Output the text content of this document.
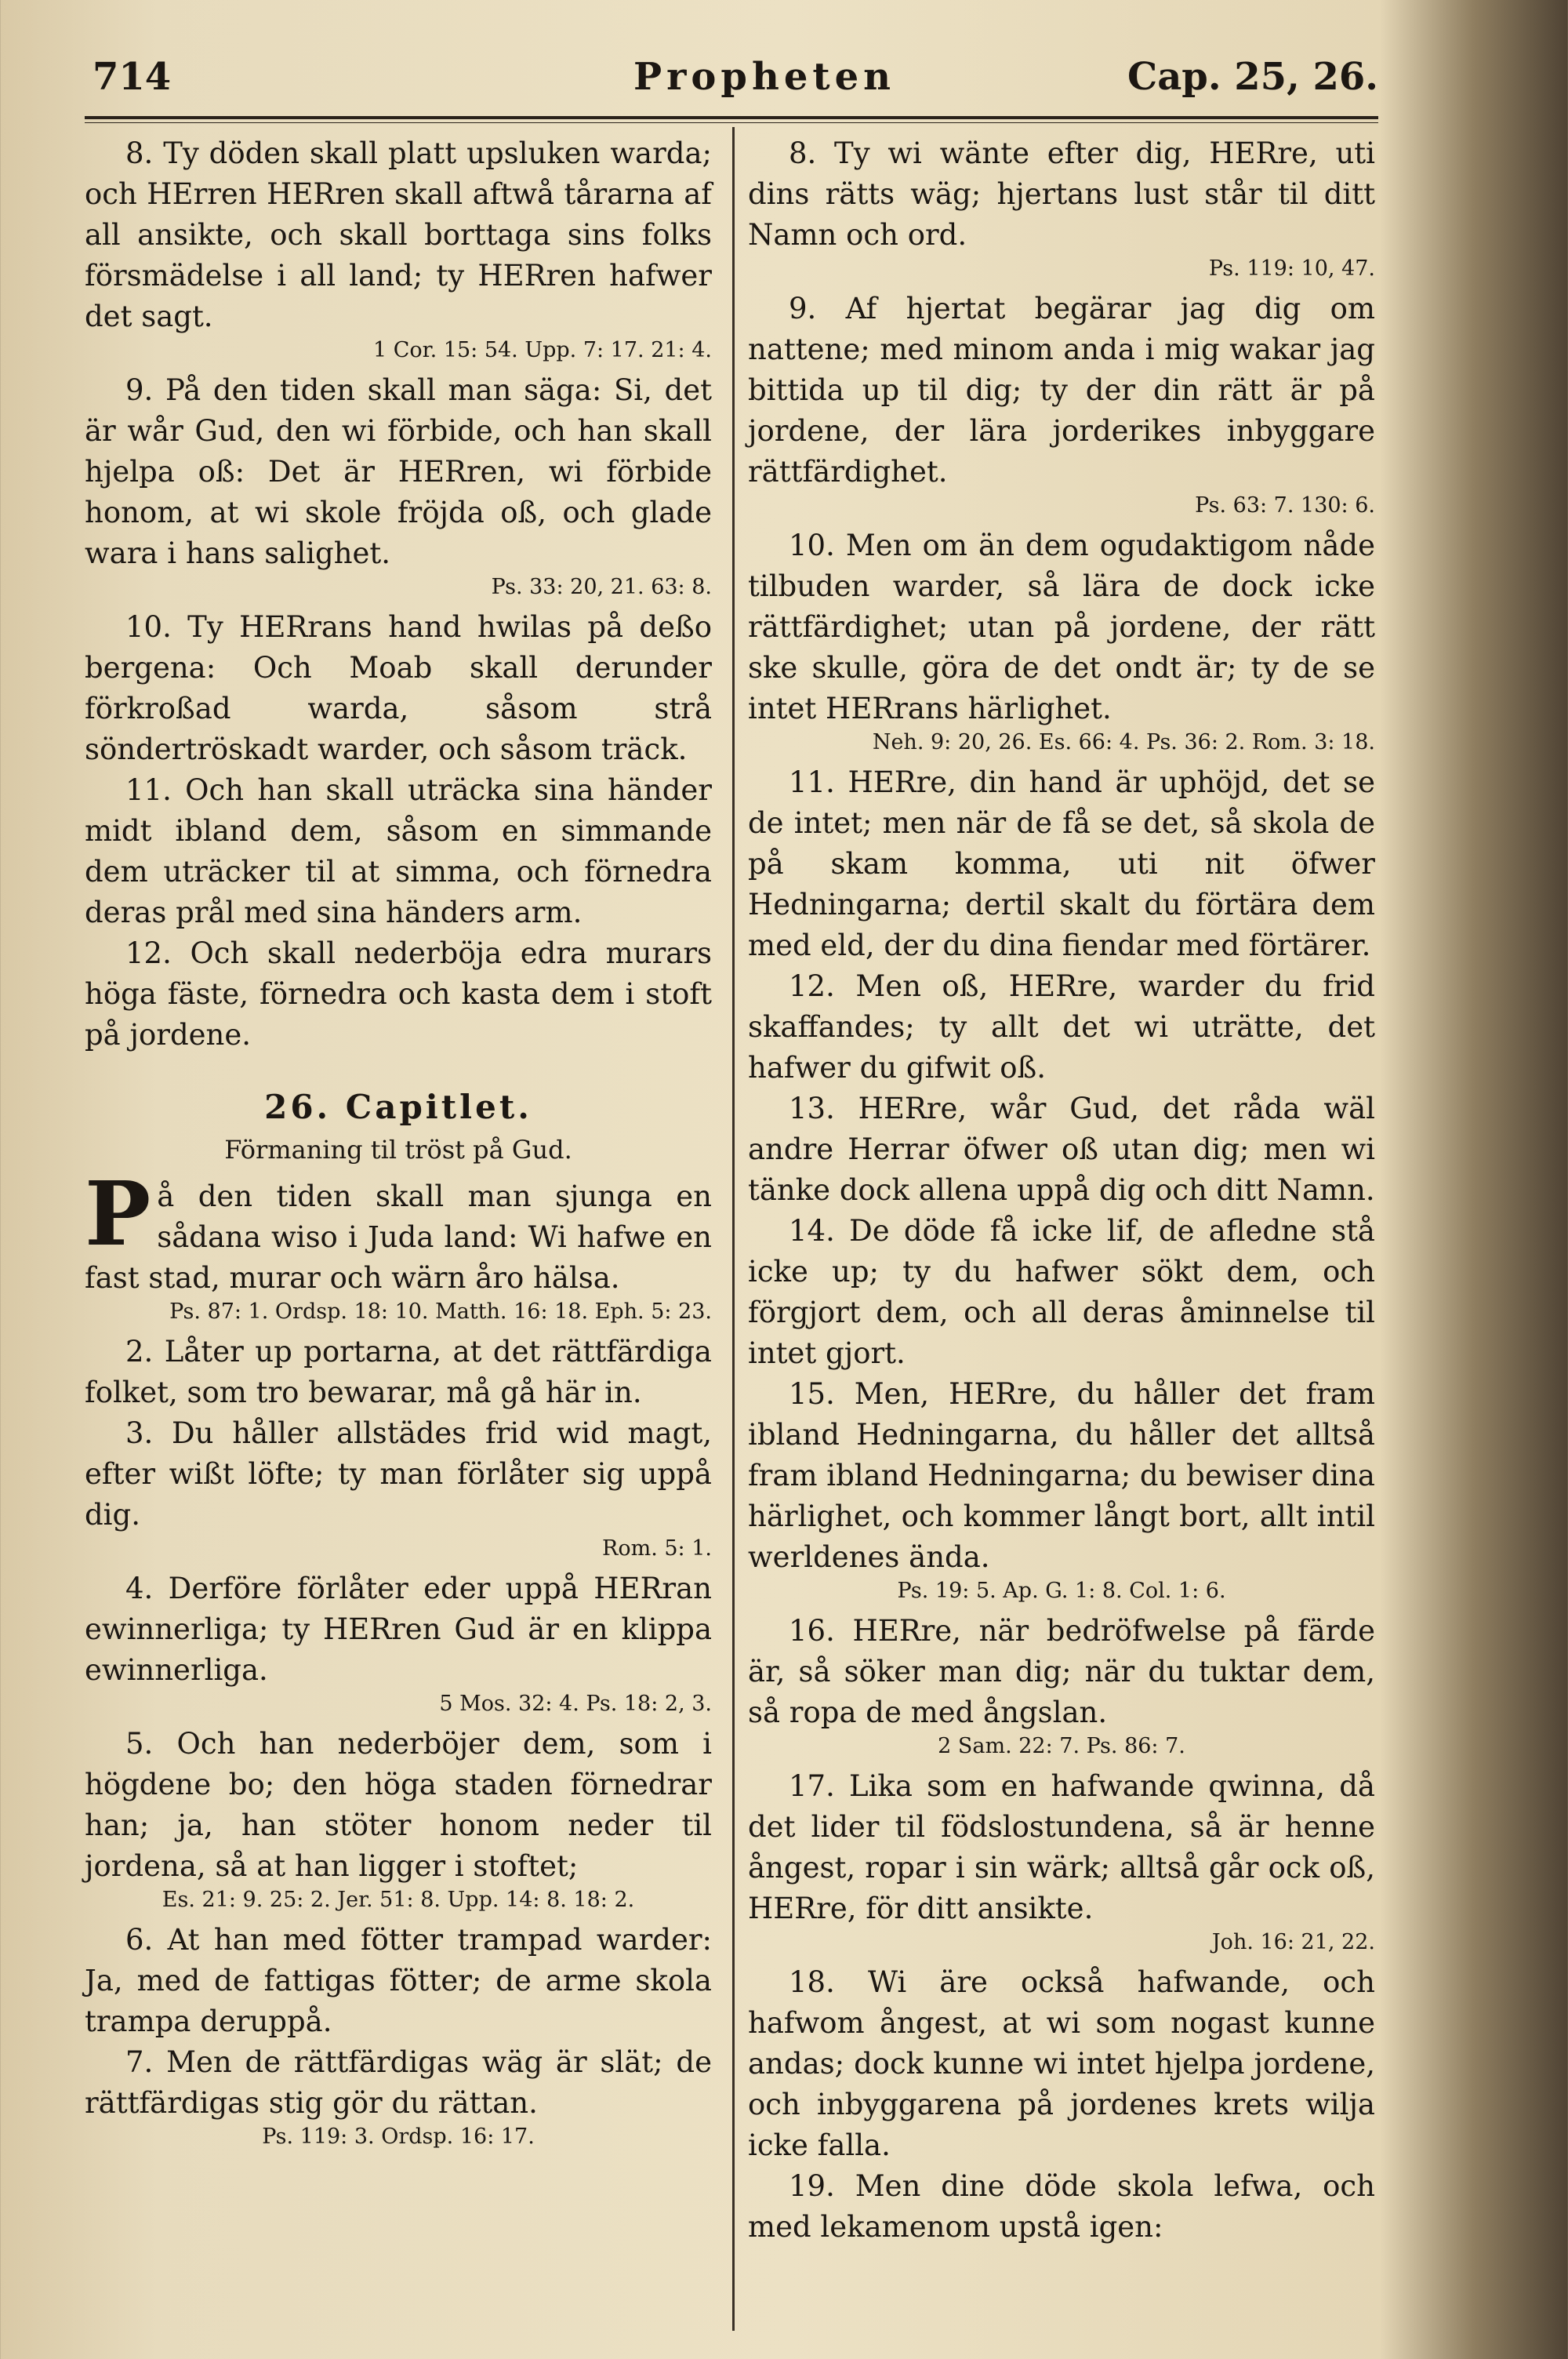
714	Propheten	Cap. 25, 26.

8. Ty döden skall platt upsluken warda; och HErren HERren skall aftwå tårarna af all ansikte, och skall borttaga sins folks försmädelse i all land; ty HERren hafwer det sagt.

1 Cor. 15: 54. Upp. 7: 17. 21: 4.

9. På den tiden skall man säga: Si, det är wår Gud, den wi förbide, och han skall hjelpa oß: Det är HERren, wi förbide honom, at wi skole fröjda oß, och glade wara i hans salighet.

Ps. 33: 20, 21. 63: 8.

10. Ty HERrans hand hwilas på deßo bergena: Och Moab skall derunder förkroßad warda, såsom strå söndertröskadt warder, och såsom träck.

11. Och han skall uträcka sina händer midt ibland dem, såsom en simmande dem uträcker til at simma, och förnedra deras prål med sina händers arm.

12. Och skall nederböja edra murars höga fäste, förnedra och kasta dem i stoft på jordene.

26. Capitlet.
Förmaning til tröst på Gud.

På den tiden skall man sjunga en sådana wiso i Juda land: Wi hafwe en fast stad, murar och wärn åro hälsa.

Ps. 87: 1. Ordsp. 18: 10. Matth. 16: 18. Eph. 5: 23.

2. Låter up portarna, at det rättfärdiga folket, som tro bewarar, må gå här in.

3. Du håller allstädes frid wid magt, efter wißt löfte; ty man förlåter sig uppå dig.

Rom. 5: 1.

4. Derföre förlåter eder uppå HERran ewinnerliga; ty HERren Gud är en klippa ewinnerliga.

5 Mos. 32: 4. Ps. 18: 2, 3.

5. Och han nederböjer dem, som i högdene bo; den höga staden förnedrar han; ja, han stöter honom neder til jordena, så at han ligger i stoftet;

Es. 21: 9. 25: 2. Jer. 51: 8. Upp. 14: 8. 18: 2.

6. At han med fötter trampad warder: Ja, med de fattigas fötter; de arme skola trampa deruppå.

7. Men de rättfärdigas wäg är slät; de rättfärdigas stig gör du rättan.

Ps. 119: 3. Ordsp. 16: 17.

8. Ty wi wänte efter dig, HERre, uti dins rätts wäg; hjertans lust står til ditt Namn och ord.

Ps. 119: 10, 47.

9. Af hjertat begärar jag dig om nattene; med minom anda i mig wakar jag bittida up til dig; ty der din rätt är på jordene, der lära jorderikes inbyggare rättfärdighet.

Ps. 63: 7. 130: 6.

10. Men om än dem ogudaktigom nåde tilbuden warder, så lära de dock icke rättfärdighet; utan på jordene, der rätt ske skulle, göra de det ondt är; ty de se intet HERrans härlighet.

Neh. 9: 20, 26. Es. 66: 4. Ps. 36: 2. Rom. 3: 18.

11. HERre, din hand är uphöjd, det se de intet; men när de få se det, så skola de på skam komma, uti nit öfwer Hedningarna; dertil skalt du förtära dem med eld, der du dina fiendar med förtärer.

12. Men oß, HERre, warder du frid skaffandes; ty allt det wi uträtte, det hafwer du gifwit oß.

13. HERre, wår Gud, det råda wäl andre Herrar öfwer oß utan dig; men wi tänke dock allena uppå dig och ditt Namn.

14. De döde få icke lif, de afledne stå icke up; ty du hafwer sökt dem, och förgjort dem, och all deras åminnelse til intet gjort.

15. Men, HERre, du håller det fram ibland Hedningarna, du håller det alltså fram ibland Hedningarna; du bewiser dina härlighet, och kommer långt bort, allt intil werldenes ända.

Ps. 19: 5. Ap. G. 1: 8. Col. 1: 6.

16. HERre, när bedröfwelse på färde är, så söker man dig; när du tuktar dem, så ropa de med ångslan.

2 Sam. 22: 7. Ps. 86: 7.

17. Lika som en hafwande qwinna, då det lider til födslostundena, så är henne ångest, ropar i sin wärk; alltså går ock oß, HERre, för ditt ansikte.

Joh. 16: 21, 22.

18. Wi äre också hafwande, och hafwom ångest, at wi som nogast kunne andas; dock kunne wi intet hjelpa jordene, och inbyggarena på jordenes krets wilja icke falla.

19. Men dine döde skola lefwa, och med lekamenom upstå igen:
